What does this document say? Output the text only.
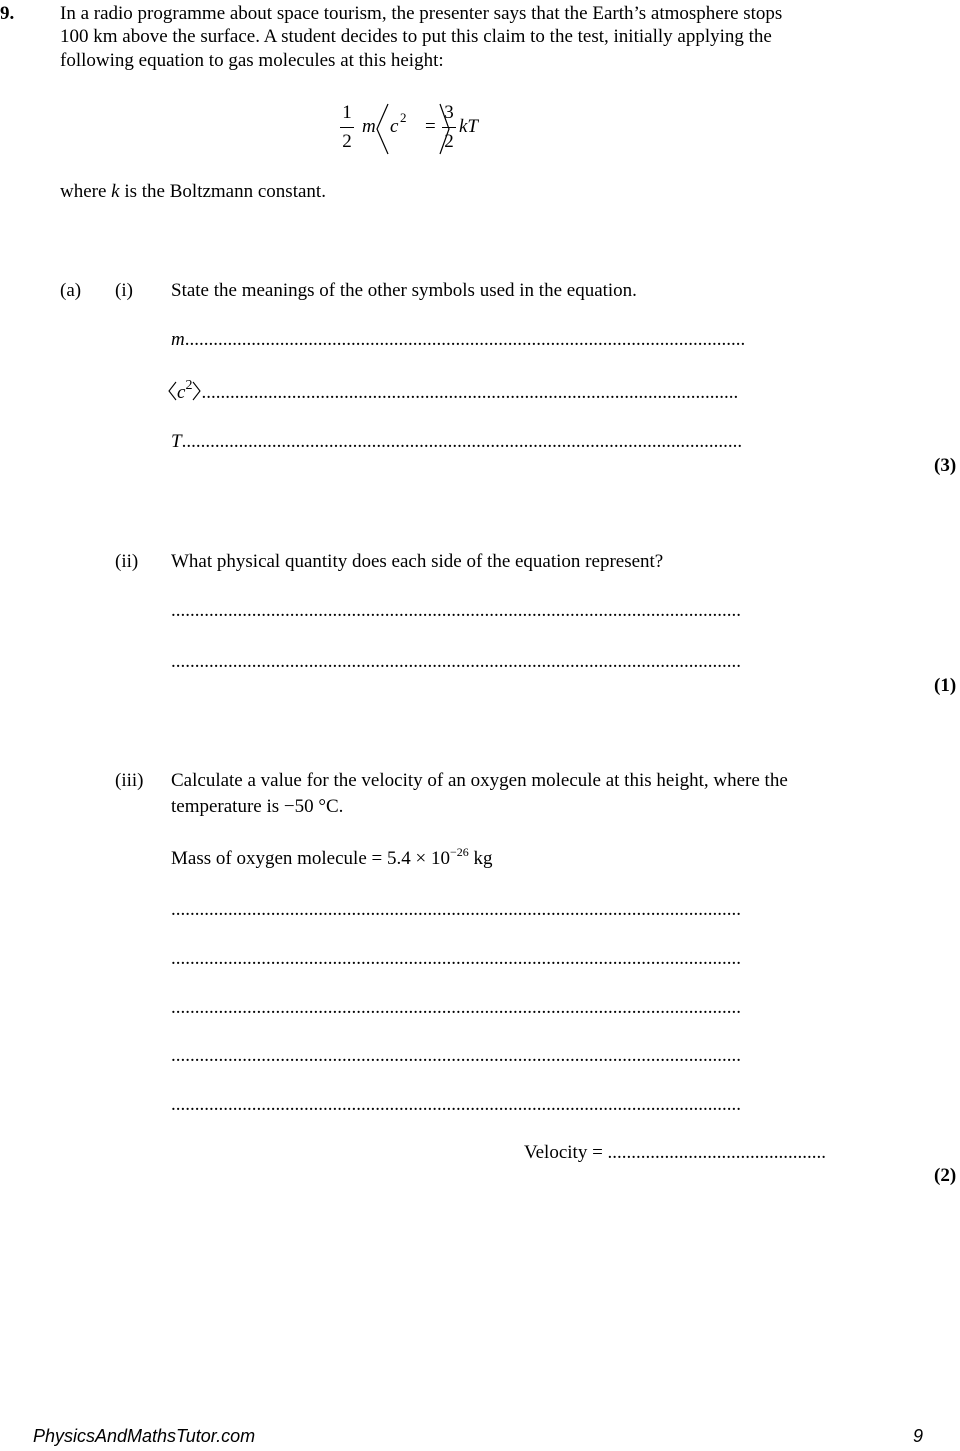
9. In a radio programme about space tourism, the presenter says that the Earth’s atmosphere stops
100 km above the surface. A student decides to put this claim to the test, initially applying the
following equation to gas molecules at this height:
1
2
m c 2 =
3
2
kT
where k is the Boltzmann constant.
(a) (i) State the meanings of the other symbols used in the equation.
m......................................................................................................................
$c^2$ .................................................................................................................
T......................................................................................................................
(3)
(ii) What physical quantity does each side of the equation represent?
........................................................................................................................
........................................................................................................................
(1)
(iii) Calculate a value for the velocity of an oxygen molecule at this height, where the
temperature is −50 °C.
Mass of oxygen molecule = $5.4 \times 10^{-26}$ kg
........................................................................................................................
........................................................................................................................
........................................................................................................................
........................................................................................................................
........................................................................................................................
Velocity = ..............................................
(2)
PhysicsAndMathsTutor.com	9
